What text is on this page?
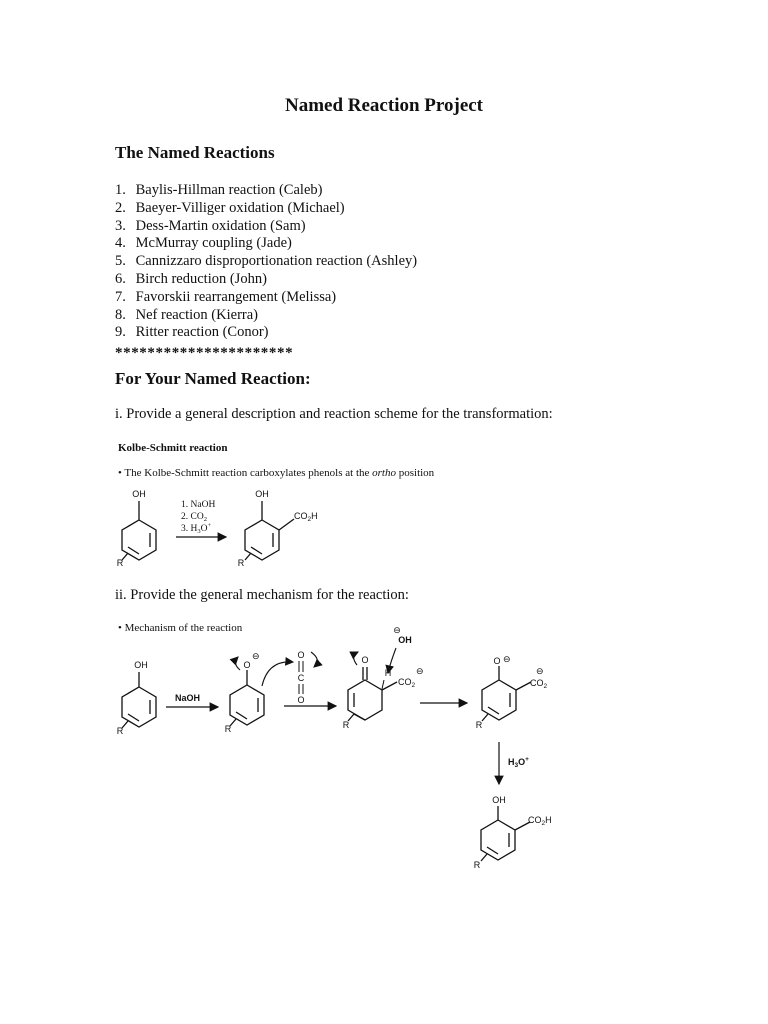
Named Reaction Project
The Named Reactions
1. Baylis-Hillman reaction (Caleb)
2. Baeyer-Villiger oxidation (Michael)
3. Dess-Martin oxidation (Sam)
4. McMurray coupling (Jade)
5. Cannizzaro disproportionation reaction (Ashley)
6. Birch reduction (John)
7. Favorskii rearrangement (Melissa)
8. Nef reaction (Kierra)
9. Ritter reaction (Conor)
**********************
For Your Named Reaction:
i. Provide a general description and reaction scheme for the transformation:
Kolbe-Schmitt reaction
• The Kolbe-Schmitt reaction carboxylates phenols at the ortho position
ii. Provide the general mechanism for the reaction:
• Mechanism of the reaction
OH
R
1. NaOH
2. $CO_2$
3. $H_3O^+$
OH
$CO_2H$
R
OH
R
NaOH
O
⊖
R
O
C
O
⊖
OH
O
H
$CO_2$
⊖
R
O ⊖
$CO_2$
⊖
R
$H_3O^+$
OH
$CO_2H$
R
